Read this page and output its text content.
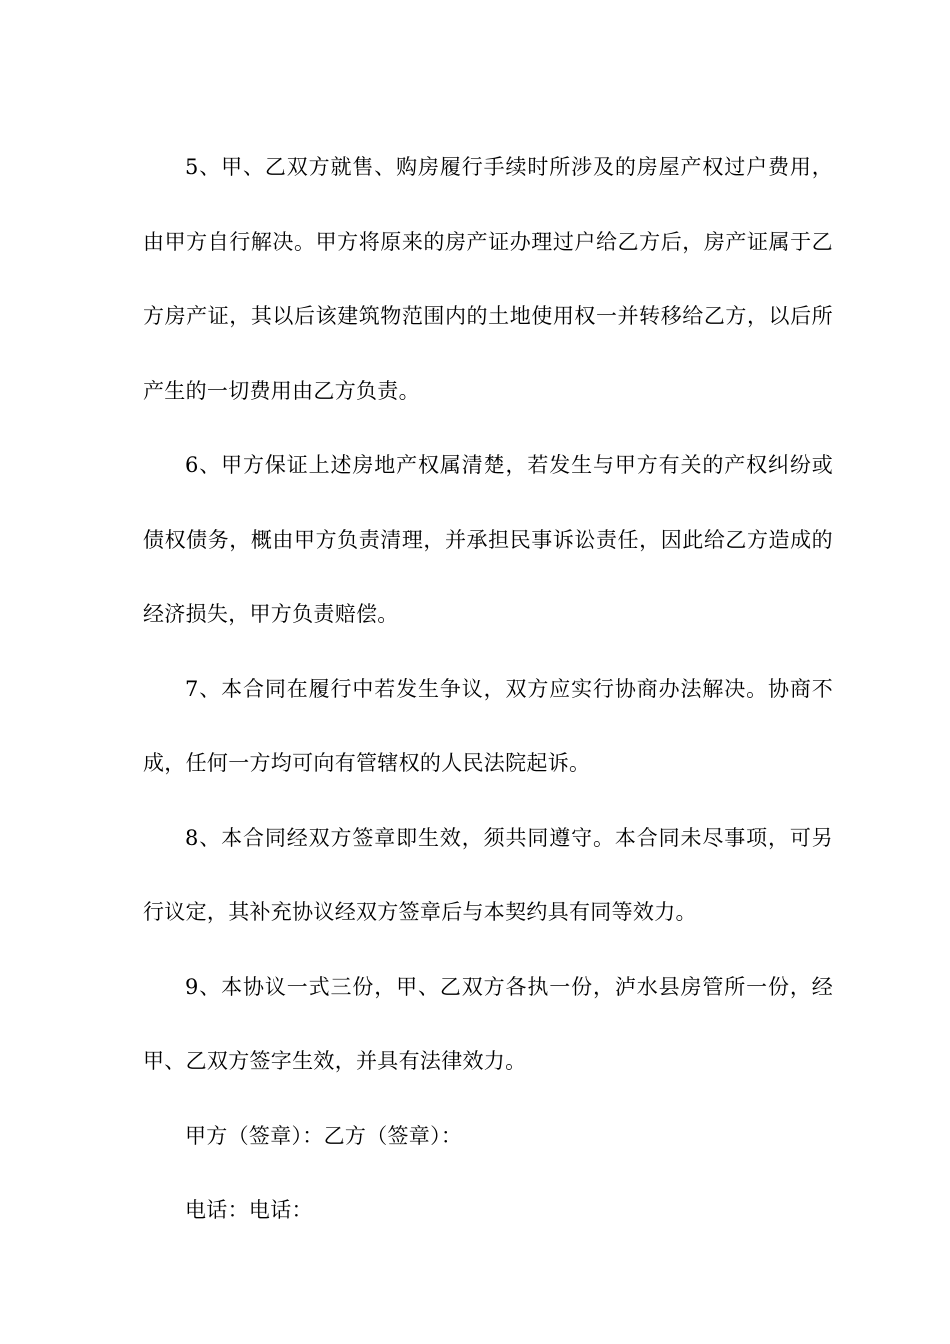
5、甲、乙双方就售、购房履行手续时所涉及的房屋产权过户费用，由甲方自行解决。甲方将原来的房产证办理过户给乙方后，房产证属于乙方房产证，其以后该建筑物范围内的土地使用权一并转移给乙方，以后所产生的一切费用由乙方负责。

6、甲方保证上述房地产权属清楚，若发生与甲方有关的产权纠纷或债权债务，概由甲方负责清理，并承担民事诉讼责任，因此给乙方造成的经济损失，甲方负责赔偿。

7、本合同在履行中若发生争议，双方应实行协商办法解决。协商不成，任何一方均可向有管辖权的人民法院起诉。

8、本合同经双方签章即生效，须共同遵守。本合同未尽事项，可另行议定，其补充协议经双方签章后与本契约具有同等效力。

9、本协议一式三份，甲、乙双方各执一份，泸水县房管所一份，经甲、乙双方签字生效，并具有法律效力。

甲方（签章）：乙方（签章）：

电话：电话：
